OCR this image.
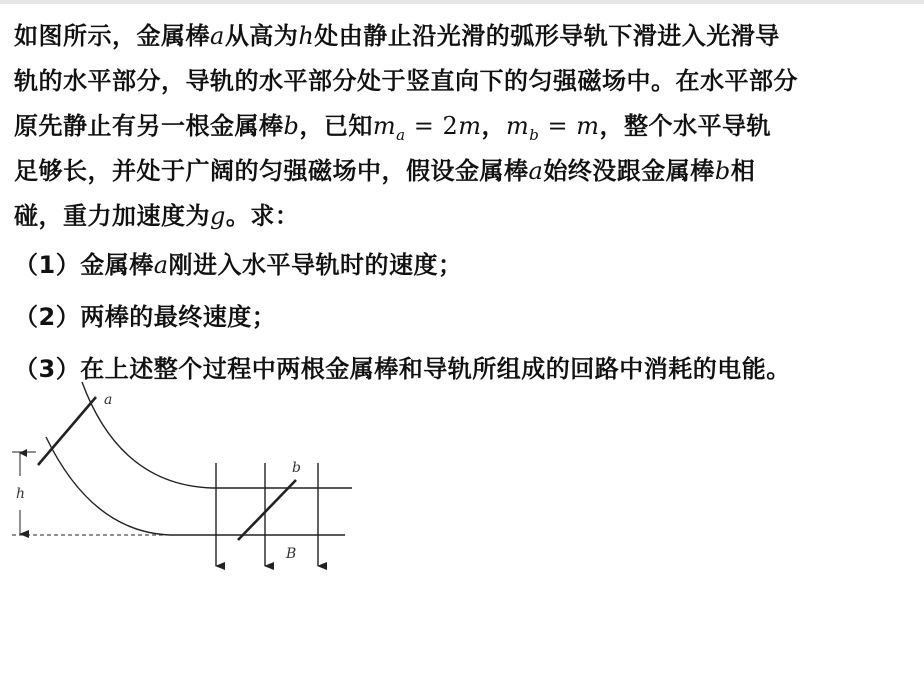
如图所示，金属棒a从高为h处由静止沿光滑的弧形导轨下滑进入光滑导
轨的水平部分，导轨的水平部分处于竖直向下的匀强磁场中。在水平部分
原先静止有另一根金属棒b，已知$m_a = 2m$，$m_b = m$，整个水平导轨
足够长，并处于广阔的匀强磁场中，假设金属棒a始终没跟金属棒b相
碰，重力加速度为g。求：
（1）金属棒a刚进入水平导轨时的速度；
（2）两棒的最终速度；
（3）在上述整个过程中两根金属棒和导轨所组成的回路中消耗的电能。
a
b
h
B
